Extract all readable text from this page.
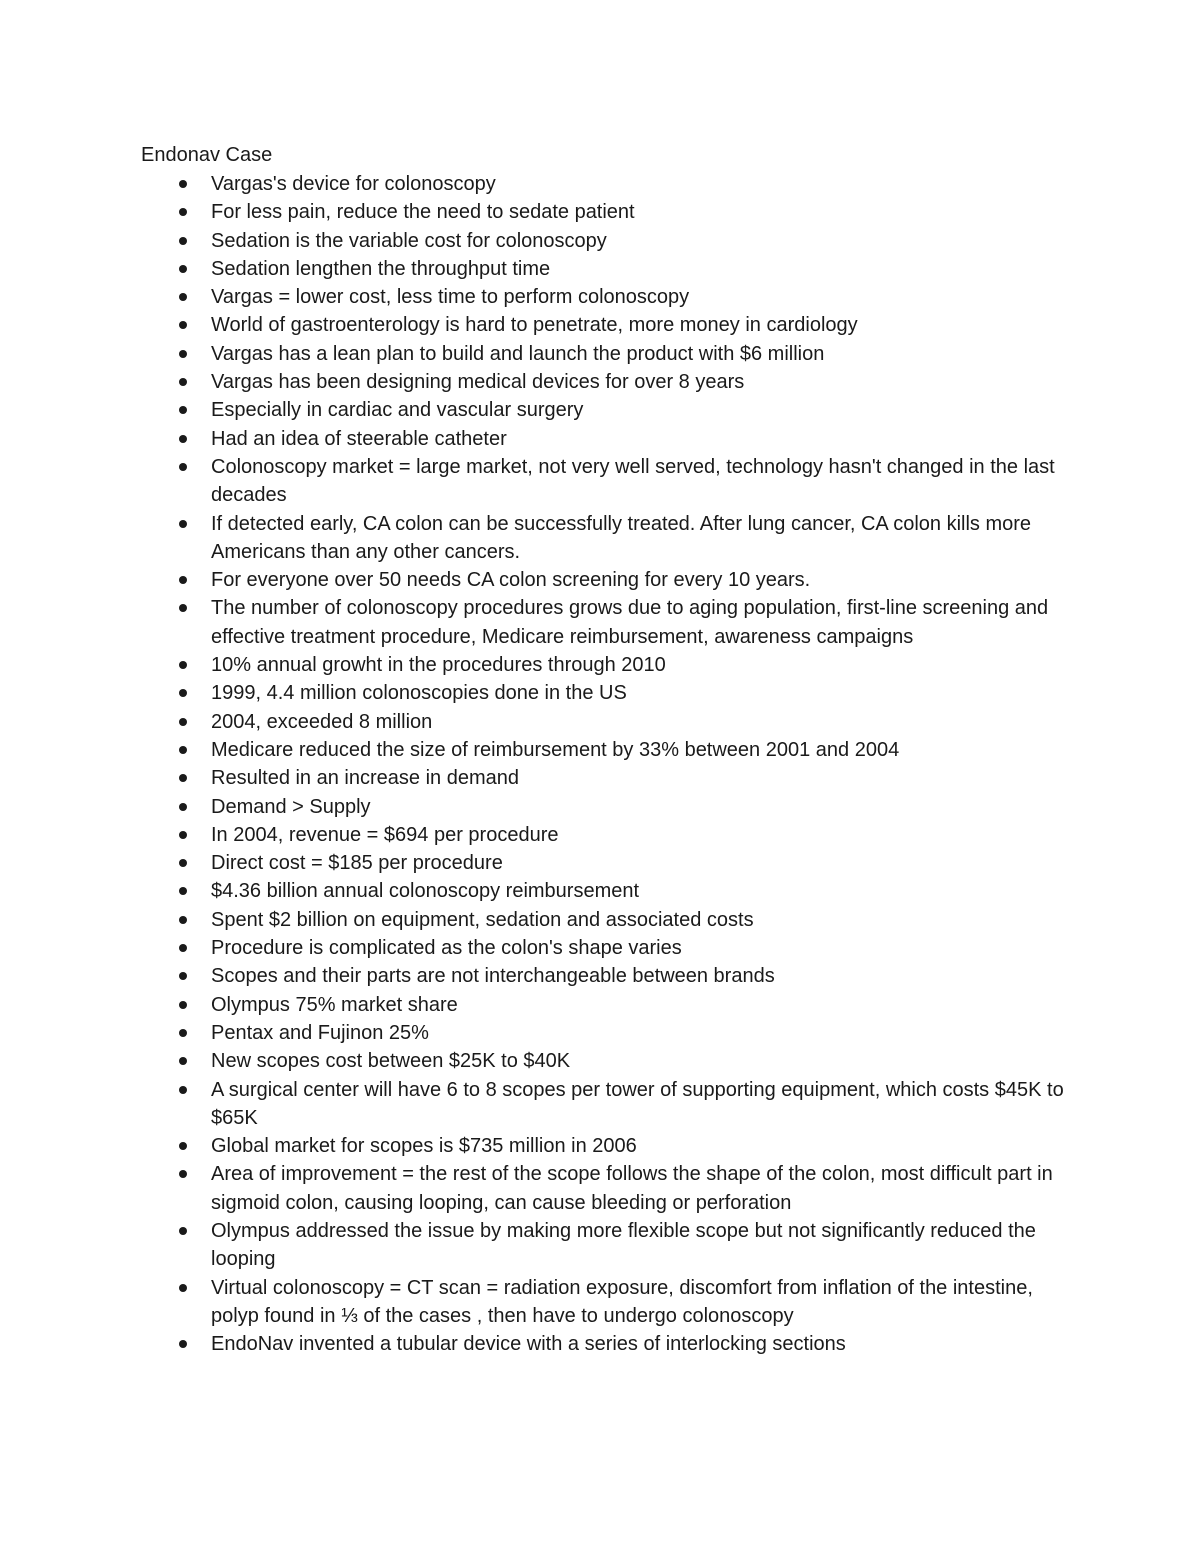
Endonav Case
Vargas's device for colonoscopy
For less pain, reduce the need to sedate patient
Sedation is the variable cost for colonoscopy
Sedation lengthen the throughput time
Vargas = lower cost, less time to perform colonoscopy
World of gastroenterology is hard to penetrate, more money in cardiology
Vargas has a lean plan to build and launch the product with $6 million
Vargas has been designing medical devices for over 8 years
Especially in cardiac and vascular surgery
Had an idea of steerable catheter
Colonoscopy market = large market, not very well served, technology hasn't changed in the last decades
If detected early, CA colon can be successfully treated. After lung cancer, CA colon kills more Americans than any other cancers.
For everyone over 50 needs CA colon screening for every 10 years.
The number of colonoscopy procedures grows due to aging population, first-line screening and effective treatment procedure, Medicare reimbursement, awareness campaigns
10% annual growht in the procedures through 2010
1999, 4.4 million colonoscopies done in the US
2004, exceeded 8 million
Medicare reduced the size of reimbursement by 33% between 2001 and 2004
Resulted in an increase in demand
Demand > Supply
In 2004, revenue = $694 per procedure
Direct cost = $185 per procedure
$4.36 billion annual colonoscopy reimbursement
Spent $2 billion on equipment, sedation and associated costs
Procedure is complicated as the colon's shape varies
Scopes and their parts are not interchangeable between brands
Olympus 75% market share
Pentax and Fujinon 25%
New scopes cost between $25K to $40K
A surgical center will have 6 to 8 scopes per tower of supporting equipment, which costs $45K to $65K
Global market for scopes is $735 million in 2006
Area of improvement = the rest of the scope follows the shape of the colon, most difficult part in sigmoid colon, causing looping, can cause bleeding or perforation
Olympus addressed the issue by making more flexible scope but not significantly reduced the looping
Virtual colonoscopy = CT scan = radiation exposure, discomfort from inflation of the intestine, polyp found in ⅓ of the cases , then have to undergo colonoscopy
EndoNav invented a tubular device with a series of interlocking sections
